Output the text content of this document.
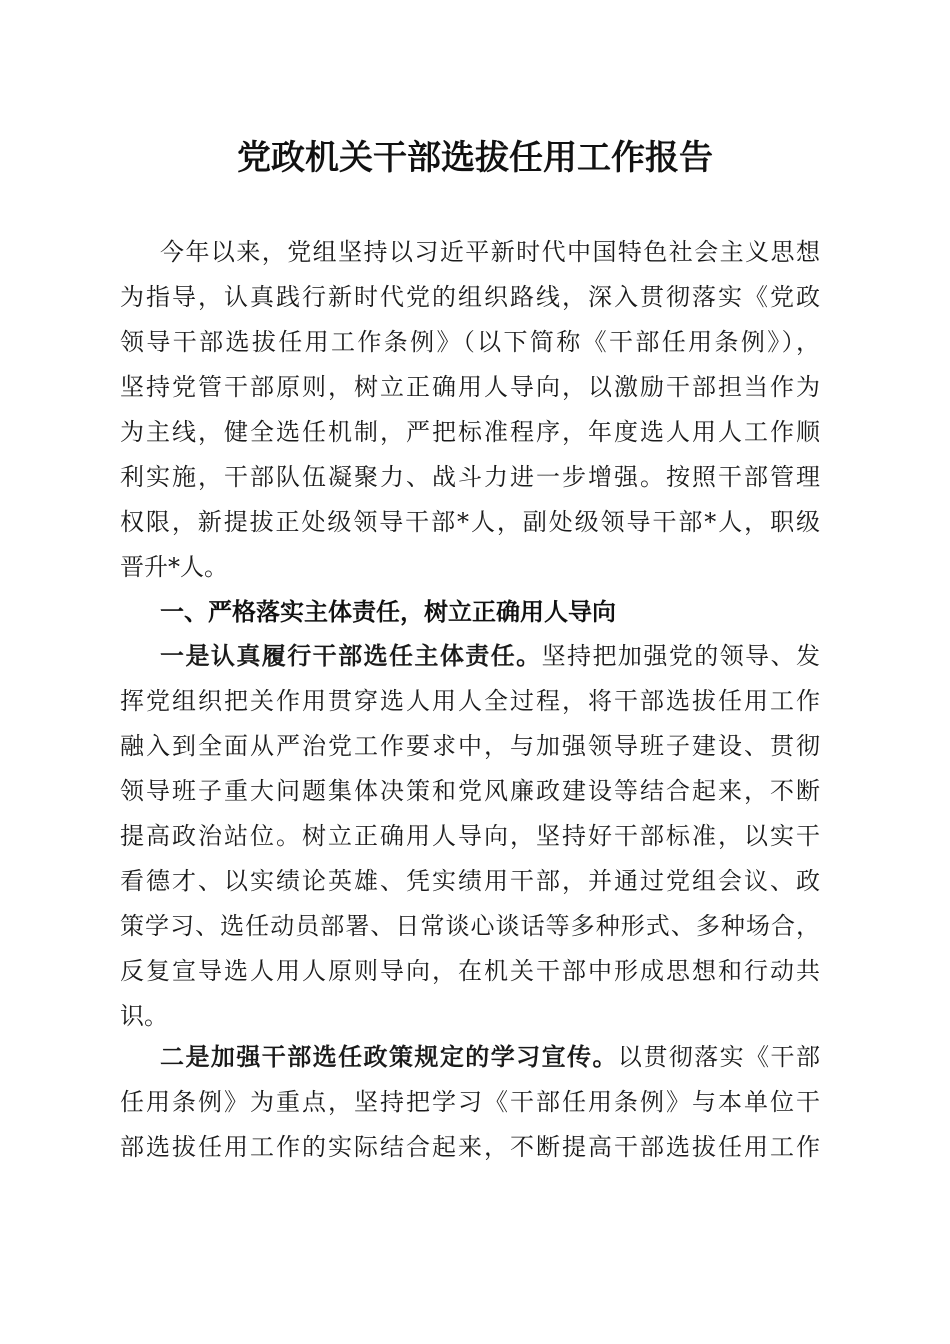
党政机关干部选拔任用工作报告
今年以来，党组坚持以习近平新时代中国特色社会主义思想
为指导，认真践行新时代党的组织路线，深入贯彻落实《党政
领导干部选拔任用工作条例》（以下简称《干部任用条例》），
坚持党管干部原则，树立正确用人导向，以激励干部担当作为
为主线，健全选任机制，严把标准程序，年度选人用人工作顺
利实施，干部队伍凝聚力、战斗力进一步增强。按照干部管理
权限，新提拔正处级领导干部*人，副处级领导干部*人，职级
晋升*人。
一、严格落实主体责任，树立正确用人导向
一是认真履行干部选任主体责任。坚持把加强党的领导、发
挥党组织把关作用贯穿选人用人全过程，将干部选拔任用工作
融入到全面从严治党工作要求中，与加强领导班子建设、贯彻
领导班子重大问题集体决策和党风廉政建设等结合起来，不断
提高政治站位。树立正确用人导向，坚持好干部标准，以实干
看德才、以实绩论英雄、凭实绩用干部，并通过党组会议、政
策学习、选任动员部署、日常谈心谈话等多种形式、多种场合，
反复宣导选人用人原则导向，在机关干部中形成思想和行动共
识。
二是加强干部选任政策规定的学习宣传。以贯彻落实《干部
任用条例》为重点，坚持把学习《干部任用条例》与本单位干
部选拔任用工作的实际结合起来，不断提高干部选拔任用工作
